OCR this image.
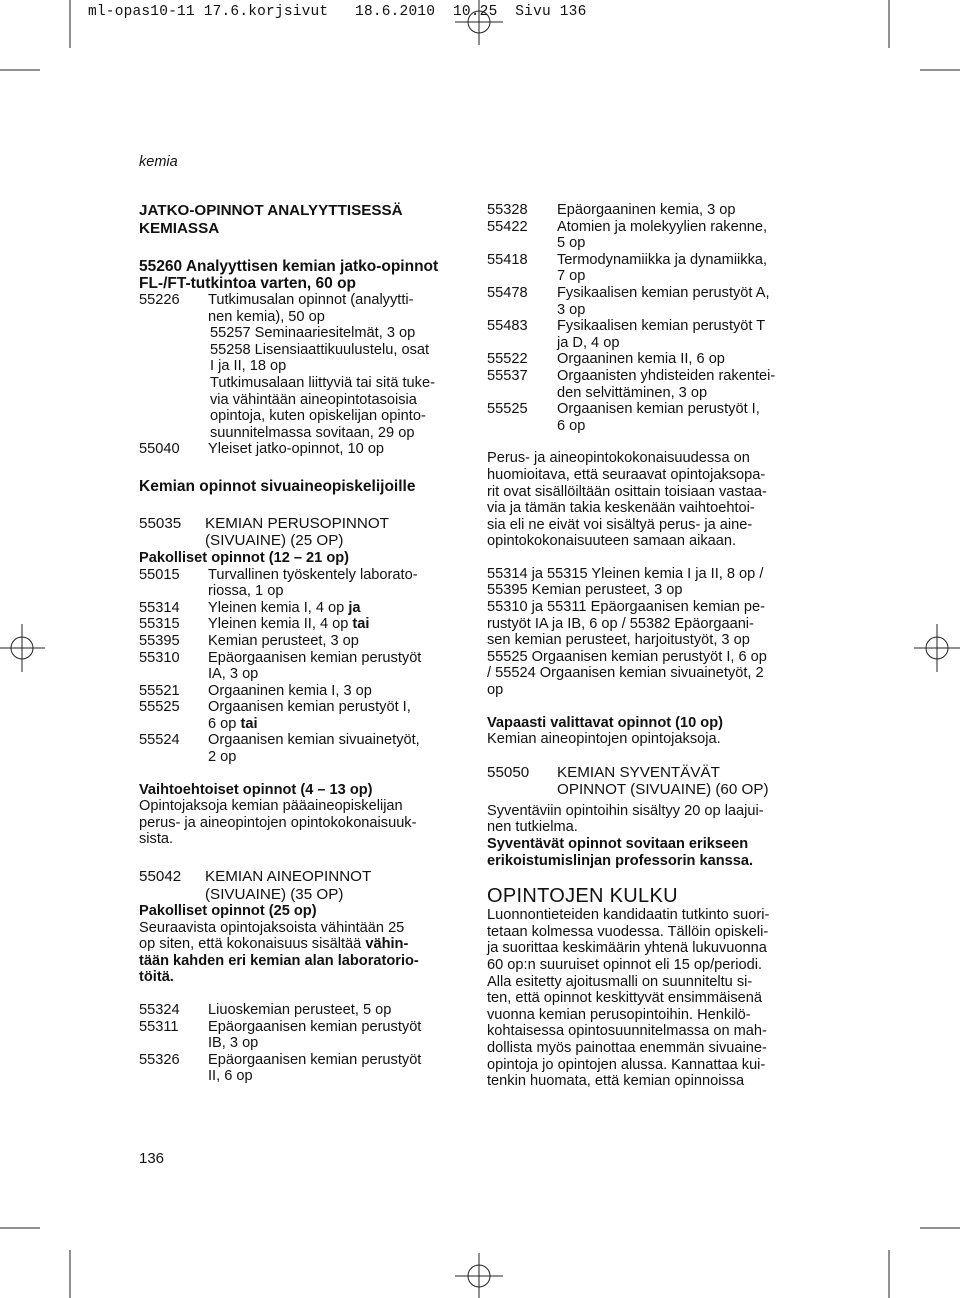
ml-opas10-11 17.6.korjsivut   18.6.2010  10.25  Sivu 136
kemia

JATKO-OPINNOT ANALYYTTISESSÄ
KEMIASSA

55260 Analyyttisen kemian jatko-opinnot
FL-/FT-tutkintoa varten, 60 op

55226	Tutkimusalan opinnot (analyytti-
nen kemia), 50 op

55257 Seminaariesitelmät, 3 op
55258 Lisensiaattikuulustelu, osat
I ja II, 18 op
Tutkimusalaan liittyviä tai sitä tuke-
via vähintään aineopintotasoisia
opintoja, kuten opiskelijan opinto-
suunnitelmassa sovitaan, 29 op

55040	Yleiset jatko-opinnot, 10 op

Kemian opinnot sivuaineopiskelijoille

55035	KEMIAN PERUSOPINNOT
(SIVUAINE) (25 OP)

Pakolliset opinnot (12 – 21 op)

55015	Turvallinen työskentely laborato-
riossa, 1 op
55314	Yleinen kemia I, 4 op ja
55315	Yleinen kemia II, 4 op tai
55395	Kemian perusteet, 3 op
55310	Epäorgaanisen kemian perustyöt
IA, 3 op
55521	Orgaaninen kemia I, 3 op
55525	Orgaanisen kemian perustyöt I,
6 op tai
55524	Orgaanisen kemian sivuainetyöt,
2 op

Vaihtoehtoiset opinnot (4 – 13 op)

Opintojaksoja kemian pääaineopiskelijan
perus- ja aineopintojen opintokokonaisuuk-
sista.

55042	KEMIAN AINEOPINNOT
(SIVUAINE) (35 OP)

Pakolliset opinnot (25 op)

Seuraavista opintojaksoista vähintään 25
op siten, että kokonaisuus sisältää vähin-
tään kahden eri kemian alan laboratorio-
töitä.

55324	Liuoskemian perusteet, 5 op
55311	Epäorgaanisen kemian perustyöt
IB, 3 op
55326	Epäorgaanisen kemian perustyöt
II, 6 op
55328	Epäorgaaninen kemia, 3 op
55422	Atomien ja molekyylien rakenne,
5 op
55418	Termodynamiikka ja dynamiikka,
7 op
55478	Fysikaalisen kemian perustyöt A,
3 op
55483	Fysikaalisen kemian perustyöt T
ja D, 4 op
55522	Orgaaninen kemia II, 6 op
55537	Orgaanisten yhdisteiden rakentei-
den selvittäminen, 3 op
55525	Orgaanisen kemian perustyöt I,
6 op

Perus- ja aineopintokokonaisuudessa on
huomioitava, että seuraavat opintojaksopa-
rit ovat sisällöiltään osittain toisiaan vastaa-
via ja tämän takia keskenään vaihtoehtoi-
sia eli ne eivät voi sisältyä perus- ja aine-
opintokokonaisuuteen samaan aikaan.

55314 ja 55315 Yleinen kemia I ja II, 8 op /
55395 Kemian perusteet, 3 op
55310 ja 55311 Epäorgaanisen kemian pe-
rustyöt IA ja IB, 6 op / 55382 Epäorgaani-
sen kemian perusteet, harjoitustyöt, 3 op
55525 Orgaanisen kemian perustyöt I, 6 op
/ 55524 Orgaanisen kemian sivuainetyöt, 2
op

Vapaasti valittavat opinnot (10 op)

Kemian aineopintojen opintojaksoja.

55050	KEMIAN SYVENTÄVÄT
OPINNOT (SIVUAINE) (60 OP)

Syventäviin opintoihin sisältyy 20 op laajui-
nen tutkielma.

Syventävät opinnot sovitaan erikseen
erikoistumislinjan professorin kanssa.

OPINTOJEN KULKU

Luonnontieteiden kandidaatin tutkinto suori-
tetaan kolmessa vuodessa. Tällöin opiskeli-
ja suorittaa keskimäärin yhtenä lukuvuonna
60 op:n suuruiset opinnot eli 15 op/periodi.
Alla esitetty ajoitusmalli on suunniteltu si-
ten, että opinnot keskittyvät ensimmäisenä
vuonna kemian perusopintoihin. Henkilö-
kohtaisessa opintosuunnitelmassa on mah-
dollista myös painottaa enemmän sivuaine-
opintoja jo opintojen alussa. Kannattaa kui-
tenkin huomata, että kemian opinnoissa

136
